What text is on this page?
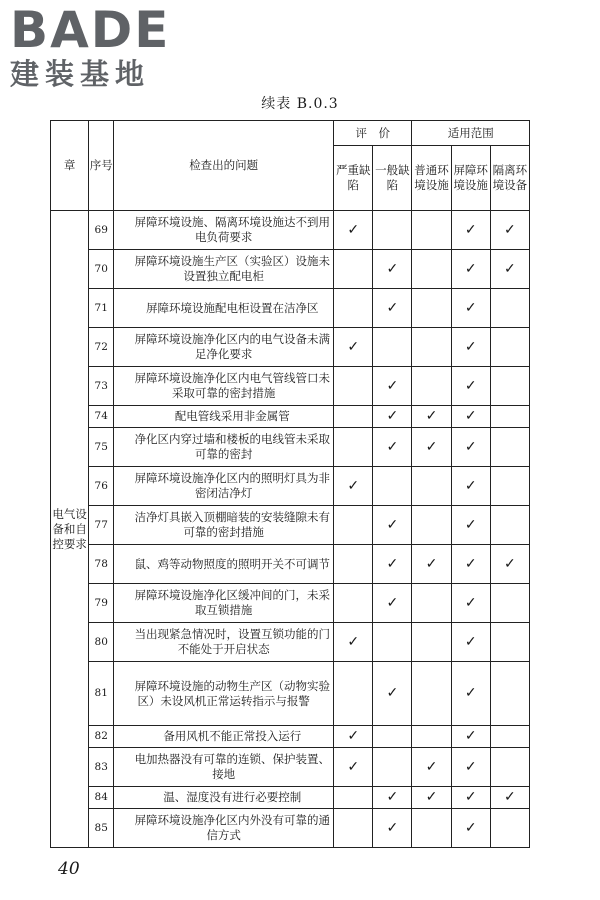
BADE
建装基地
续表 B.0.3
章	序号	检查出的问题	评　价		适用范围		
			严重缺陷	一般缺陷	普通环境设施	屏障环境设施	隔离环境设备
电气设备和自控要求	69	屏障环境设施、隔离环境设施达不到用电负荷要求	✓			✓	✓
	70	屏障环境设施生产区（实验区）设施未设置独立配电柜		✓		✓	✓
	71	屏障环境设施配电柜设置在洁净区		✓		✓	
	72	屏障环境设施净化区内的电气设备未满足净化要求	✓			✓	
	73	屏障环境设施净化区内电气管线管口未采取可靠的密封措施		✓		✓	
	74	配电管线采用非金属管		✓	✓	✓	
	75	净化区内穿过墙和楼板的电线管未采取可靠的密封		✓	✓	✓	
	76	屏障环境设施净化区内的照明灯具为非密闭洁净灯	✓			✓	
	77	洁净灯具嵌入顶棚暗装的安装缝隙未有可靠的密封措施		✓		✓	
	78	鼠、鸡等动物照度的照明开关不可调节		✓	✓	✓	✓
	79	屏障环境设施净化区缓冲间的门，未采取互锁措施		✓		✓	
	80	当出现紧急情况时，设置互锁功能的门不能处于开启状态	✓			✓	
	81	屏障环境设施的动物生产区（动物实验区）未设风机正常运转指示与报警		✓		✓	
	82	备用风机不能正常投入运行	✓			✓	
	83	电加热器没有可靠的连锁、保护装置、接地	✓		✓	✓	
	84	温、湿度没有进行必要控制		✓	✓	✓	✓
	85	屏障环境设施净化区内外没有可靠的通信方式		✓		✓	
40
